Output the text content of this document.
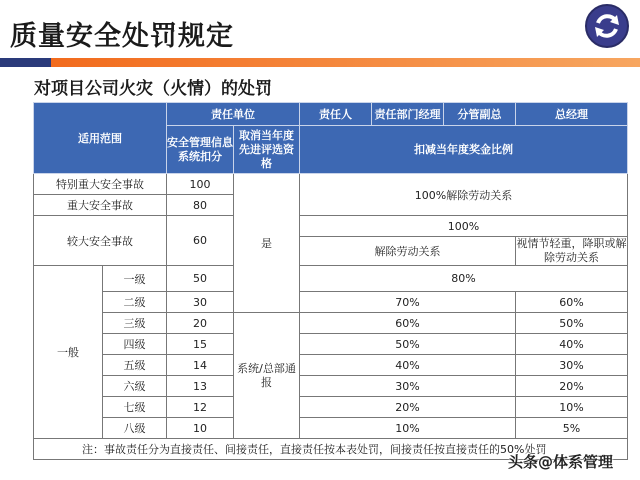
质量安全处罚规定
对项目公司火灾（火情）的处罚
适用范围		责任单位		责任人	责任部门经理	分管副总	总经理
		安全管理信息系统扣分	取消当年度先进评选资格	扣减当年度奖金比例			
特别重大安全事故		100	是	100%解除劳动关系			
重大安全事故		80					
较大安全事故		60		100%			
				解除劳动关系			视情节轻重，降职或解除劳动关系
一般	一级	50		80%			
	二级	30		70%			60%
	三级	20	系统/总部通报	60%			50%
	四级	15		50%			40%
	五级	14		40%			30%
	六级	13		30%			20%
	七级	12		20%			10%
	八级	10		10%			5%
注：事故责任分为直接责任、间接责任，直接责任按本表处罚，间接责任按直接责任的50%处罚							
头条@体系管理
